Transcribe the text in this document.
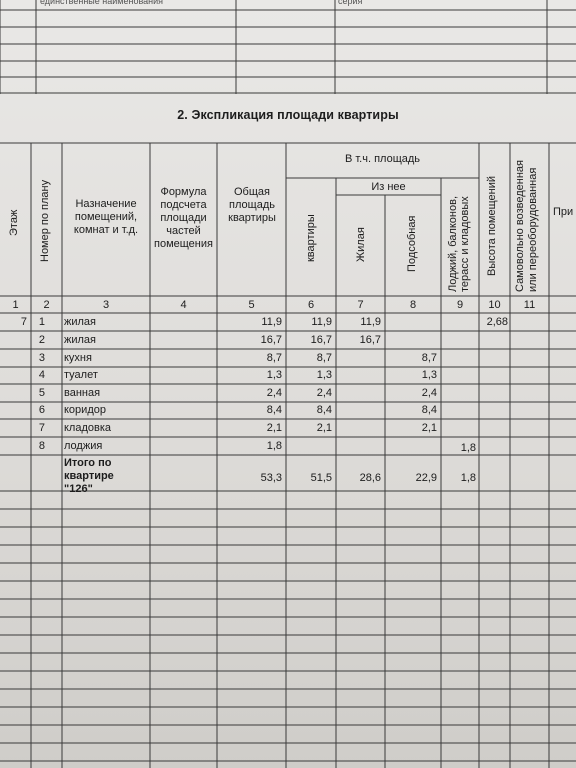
единственные наименования	серия
2. Экспликация площади квартиры
Этаж Номер по плану	квартиры	Жилая	Подсобная	Лоджий, балконов, терасс и кладовых Высота помещений Самовольно возведенная или переоборудованная
Назначение помещений, комнат и т.д.
Формула подсчета площади частей помещения
Общая площадь квартиры
В т.ч. площадь
Из нее
При
1	2	3	4	5	6	7	8	9	10	11
7	1 жилая	11,9	11,9	11,9	2,68
2 жилая	16,7	16,7	16,7
3 кухня	8,7	8,7	8,7
4 туалет	1,3	1,3	1,3
5 ванная	2,4	2,4	2,4
6 коридор	8,4	8,4	8,4
7 кладовка	2,1	2,1	2,1
8 лоджия	1,8	1,8
Итого по
квартире
"126"
53,3	51,5	28,6	22,9	1,8
